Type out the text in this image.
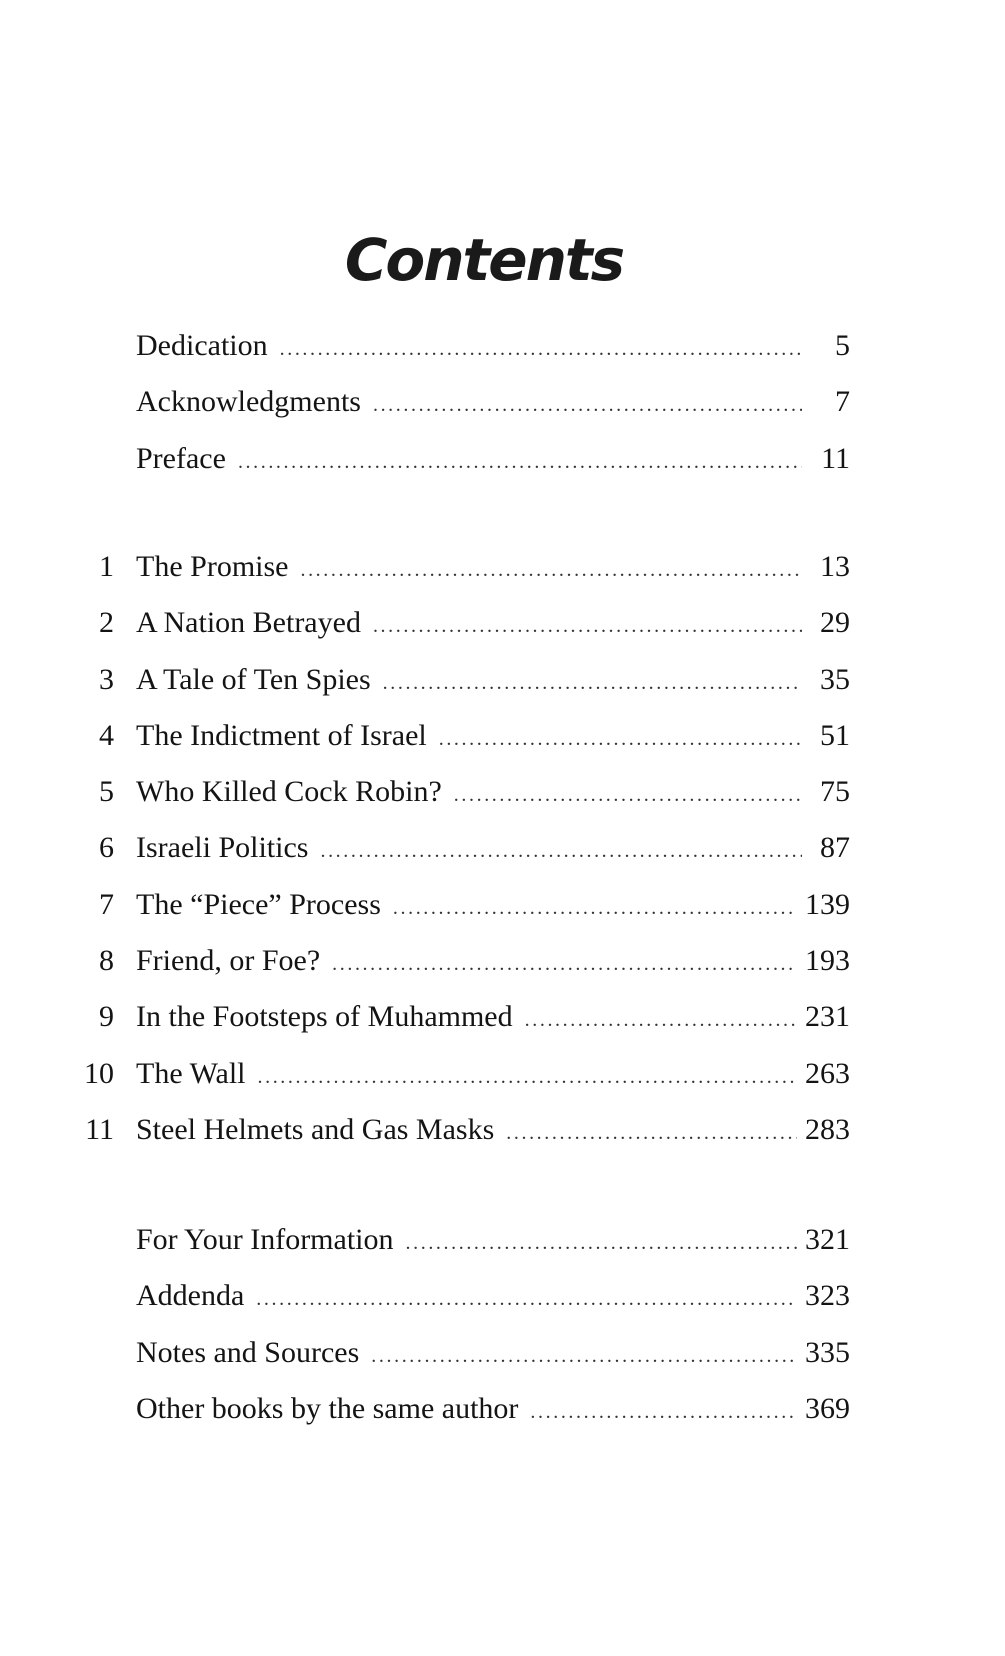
Contents
Dedication .....	5
Acknowledgments .....	7
Preface .....	11
1 The Promise .....	13
2 A Nation Betrayed .....	29
3 A Tale of Ten Spies .....	35
4 The Indictment of Israel .....	51
5 Who Killed Cock Robin? .....	75
6 Israeli Politics .....	87
7 The “Piece” Process .....	139
8 Friend, or Foe? .....	193
9 In the Footsteps of Muhammed .....	231
10 The Wall .....	263
11 Steel Helmets and Gas Masks .....	283
For Your Information .....	321
Addenda .....	323
Notes and Sources .....	335
Other books by the same author .....	369
